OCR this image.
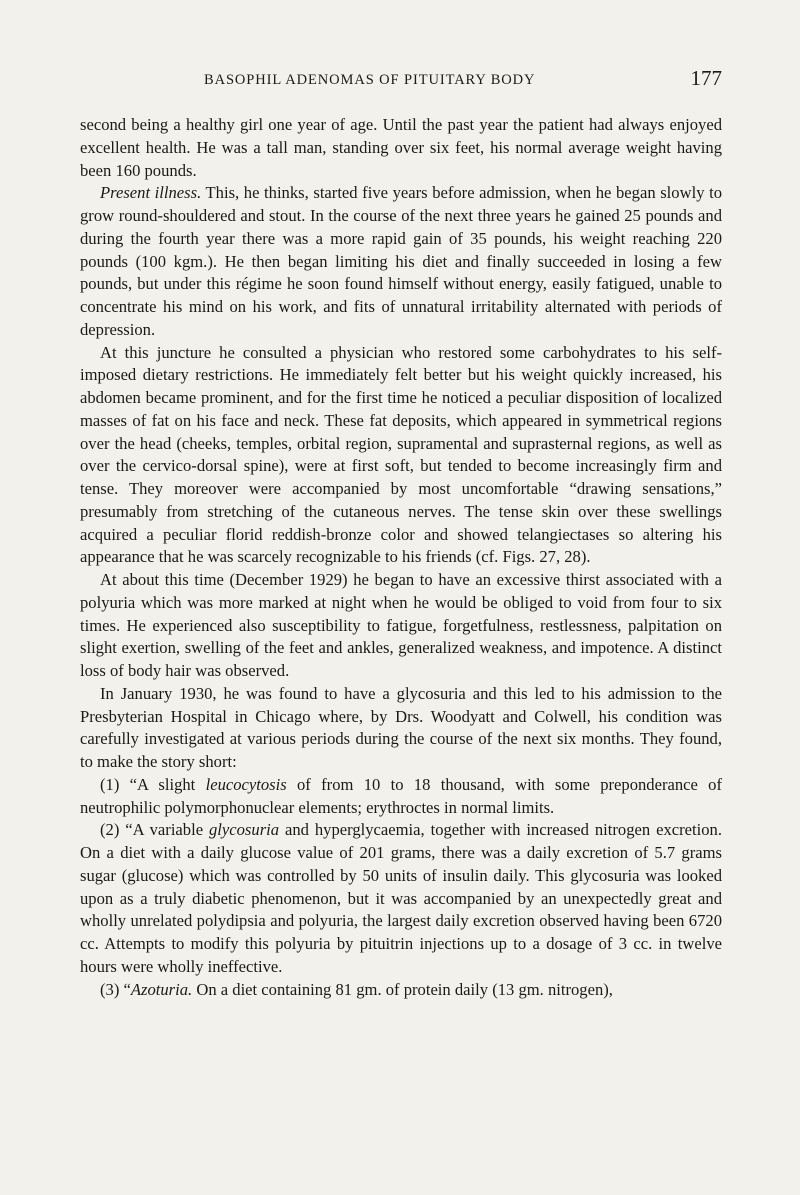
BASOPHIL ADENOMAS OF PITUITARY BODY	177

second being a healthy girl one year of age. Until the past year the patient had always enjoyed excellent health. He was a tall man, standing over six feet, his normal average weight having been 160 pounds.

Present illness. This, he thinks, started five years before admission, when he began slowly to grow round-shouldered and stout. In the course of the next three years he gained 25 pounds and during the fourth year there was a more rapid gain of 35 pounds, his weight reaching 220 pounds (100 kgm.). He then began limiting his diet and finally succeeded in losing a few pounds, but under this régime he soon found himself without energy, easily fatigued, unable to concentrate his mind on his work, and fits of unnatural irritability alternated with periods of depression.

At this juncture he consulted a physician who restored some carbohydrates to his self-imposed dietary restrictions. He immediately felt better but his weight quickly increased, his abdomen became prominent, and for the first time he noticed a peculiar disposition of localized masses of fat on his face and neck. These fat deposits, which appeared in symmetrical regions over the head (cheeks, temples, orbital region, supramental and suprasternal regions, as well as over the cervico-dorsal spine), were at first soft, but tended to become increasingly firm and tense. They moreover were accompanied by most uncomfortable “drawing sensations,” presumably from stretching of the cutaneous nerves. The tense skin over these swellings acquired a peculiar florid reddish-bronze color and showed telangiectases so altering his appearance that he was scarcely recognizable to his friends (cf. Figs. 27, 28).

At about this time (December 1929) he began to have an excessive thirst associated with a polyuria which was more marked at night when he would be obliged to void from four to six times. He experienced also susceptibility to fatigue, forgetfulness, restlessness, palpitation on slight exertion, swelling of the feet and ankles, generalized weakness, and impotence. A distinct loss of body hair was observed.

In January 1930, he was found to have a glycosuria and this led to his admission to the Presbyterian Hospital in Chicago where, by Drs. Woodyatt and Colwell, his condition was carefully investigated at various periods during the course of the next six months. They found, to make the story short:

(1) “A slight leucocytosis of from 10 to 18 thousand, with some preponderance of neutrophilic polymorphonuclear elements; erythroctes in normal limits.

(2) “A variable glycosuria and hyperglycaemia, together with increased nitrogen excretion. On a diet with a daily glucose value of 201 grams, there was a daily excretion of 5.7 grams sugar (glucose) which was controlled by 50 units of insulin daily. This glycosuria was looked upon as a truly diabetic phenomenon, but it was accompanied by an unexpectedly great and wholly unrelated polydipsia and polyuria, the largest daily excretion observed having been 6720 cc. Attempts to modify this polyuria by pituitrin injections up to a dosage of 3 cc. in twelve hours were wholly ineffective.

(3) “Azoturia. On a diet containing 81 gm. of protein daily (13 gm. nitrogen),
